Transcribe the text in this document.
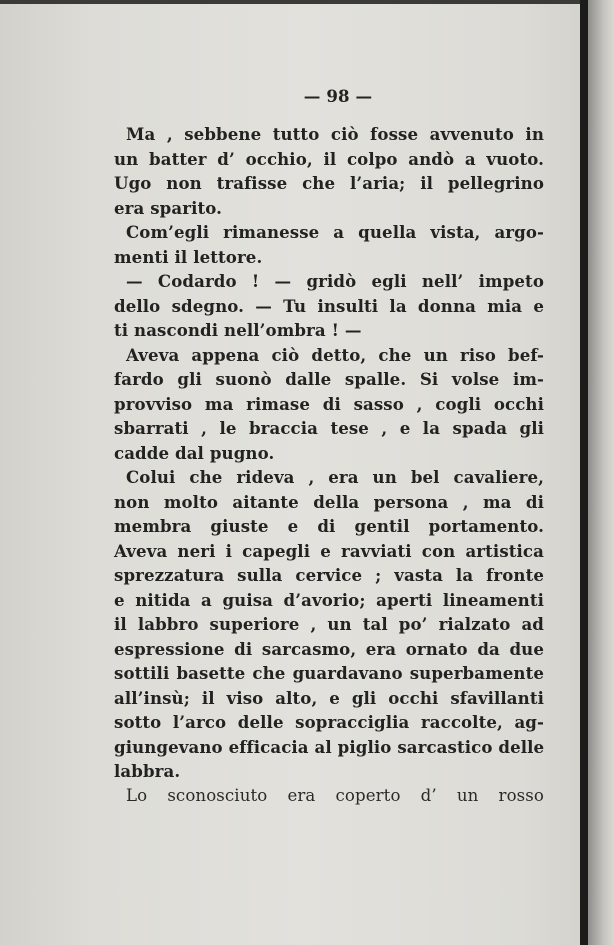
— 98 —

Ma , sebbene tutto ciò fosse avvenuto in
un batter d’ occhio, il colpo andò a vuoto.
Ugo non trafisse che l’aria; il pellegrino
era sparito.

Com’egli rimanesse a quella vista, argo-
menti il lettore.

— Codardo ! — gridò egli nell’ impeto
dello sdegno. — Tu insulti la donna mia e
ti nascondi nell’ombra ! —

Aveva appena ciò detto, che un riso bef-
fardo gli suonò dalle spalle. Si volse im-
provviso ma rimase di sasso , cogli occhi
sbarrati , le braccia tese , e la spada gli
cadde dal pugno.

Colui che rideva , era un bel cavaliere,
non molto aitante della persona , ma di
membra giuste e di gentil portamento.
Aveva neri i capegli e ravviati con artistica
sprezzatura sulla cervice ; vasta la fronte
e nitida a guisa d’avorio; aperti lineamenti
il labbro superiore , un tal po’ rialzato ad
espressione di sarcasmo, era ornato da due
sottili basette che guardavano superbamente
all’insù; il viso alto, e gli occhi sfavillanti
sotto l’arco delle sopracciglia raccolte, ag-
giungevano efficacia al piglio sarcastico delle
labbra.

Lo sconosciuto era coperto d’ un rosso
